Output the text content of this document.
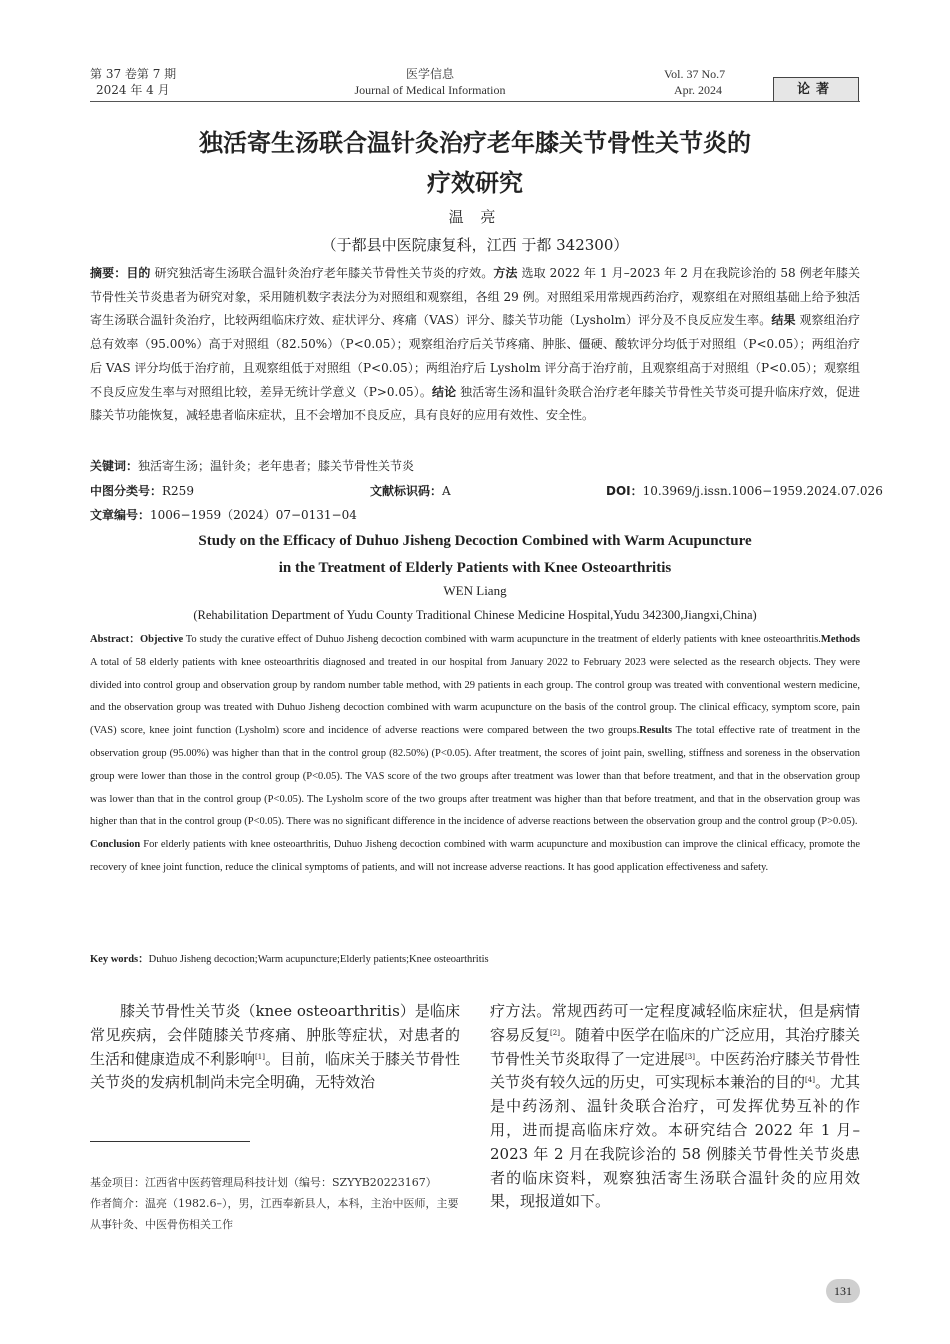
第 37 卷第 7 期
2024 年 4 月
医学信息
Journal of Medical Information
Vol. 37 No.7
Apr. 2024	论著
独活寄生汤联合温针灸治疗老年膝关节骨性关节炎的
疗效研究
温 亮
（于都县中医院康复科，江西 于都 342300）
摘要：目的 研究独活寄生汤联合温针灸治疗老年膝关节骨性关节炎的疗效。方法 选取 2022 年 1 月–2023 年 2 月在我院诊治的 58 例老年膝关节骨性关节炎患者为研究对象，采用随机数字表法分为对照组和观察组，各组 29 例。对照组采用常规西药治疗，观察组在对照组基础上给予独活寄生汤联合温针灸治疗，比较两组临床疗效、症状评分、疼痛（VAS）评分、膝关节功能（Lysholm）评分及不良反应发生率。结果 观察组治疗总有效率（95.00%）高于对照组（82.50%）（P<0.05）；观察组治疗后关节疼痛、肿胀、僵硬、酸软评分均低于对照组（P<0.05）；两组治疗后 VAS 评分均低于治疗前，且观察组低于对照组（P<0.05）；两组治疗后 Lysholm 评分高于治疗前，且观察组高于对照组（P<0.05）；观察组不良反应发生率与对照组比较，差异无统计学意义（P>0.05）。结论 独活寄生汤和温针灸联合治疗老年膝关节骨性关节炎可提升临床疗效，促进膝关节功能恢复，减轻患者临床症状，且不会增加不良反应，具有良好的应用有效性、安全性。
关键词：独活寄生汤；温针灸；老年患者；膝关节骨性关节炎
中图分类号：R259	文献标识码：A	DOI：10.3969/j.issn.1006−1959.2024.07.026
文章编号：1006−1959（2024）07−0131−04
Study on the Efficacy of Duhuo Jisheng Decoction Combined with Warm Acupuncture
in the Treatment of Elderly Patients with Knee Osteoarthritis
WEN Liang
(Rehabilitation Department of Yudu County Traditional Chinese Medicine Hospital,Yudu 342300,Jiangxi,China)
Abstract：Objective To study the curative effect of Duhuo Jisheng decoction combined with warm acupuncture in the treatment of elderly patients with knee osteoarthritis.Methods A total of 58 elderly patients with knee osteoarthritis diagnosed and treated in our hospital from January 2022 to February 2023 were selected as the research objects. They were divided into control group and observation group by random number table method, with 29 patients in each group. The control group was treated with conventional western medicine, and the observation group was treated with Duhuo Jisheng decoction combined with warm acupuncture on the basis of the control group. The clinical efficacy, symptom score, pain (VAS) score, knee joint function (Lysholm) score and incidence of adverse reactions were compared between the two groups.Results The total effective rate of treatment in the observation group (95.00%) was higher than that in the control group (82.50%) (P<0.05). After treatment, the scores of joint pain, swelling, stiffness and soreness in the observation group were lower than those in the control group (P<0.05). The VAS score of the two groups after treatment was lower than that before treatment, and that in the observation group was lower than that in the control group (P<0.05). The Lysholm score of the two groups after treatment was higher than that before treatment, and that in the observation group was higher than that in the control group (P<0.05). There was no significant difference in the incidence of adverse reactions between the observation group and the control group (P>0.05).
Conclusion For elderly patients with knee osteoarthritis, Duhuo Jisheng decoction combined with warm acupuncture and moxibustion can improve the clinical efficacy, promote the recovery of knee joint function, reduce the clinical symptoms of patients, and will not increase adverse reactions. It has good application effectiveness and safety.
Key words：Duhuo Jisheng decoction;Warm acupuncture;Elderly patients;Knee osteoarthritis
膝关节骨性关节炎（knee osteoarthritis）是临床常见疾病，会伴随膝关节疼痛、肿胀等症状，对患者的生活和健康造成不利影响[1]。目前，临床关于膝关节骨性关节炎的发病机制尚未完全明确，无特效治
基金项目：江西省中医药管理局科技计划（编号：SZYYB20223167）
作者简介：温亮（1982.6–），男，江西奉新县人，本科，主治中医师，主要从事针灸、中医骨伤相关工作
疗方法。常规西药可一定程度减轻临床症状，但是病情容易反复[2]。随着中医学在临床的广泛应用，其治疗膝关节骨性关节炎取得了一定进展[3]。中医药治疗膝关节骨性关节炎有较久远的历史，可实现标本兼治的目的[4]。尤其是中药汤剂、温针灸联合治疗，可发挥优势互补的作用，进而提高临床疗效。本研究结合 2022 年 1 月–2023 年 2 月在我院诊治的 58 例膝关节骨性关节炎患者的临床资料，观察独活寄生汤联合温针灸的应用效果，现报道如下。
131
